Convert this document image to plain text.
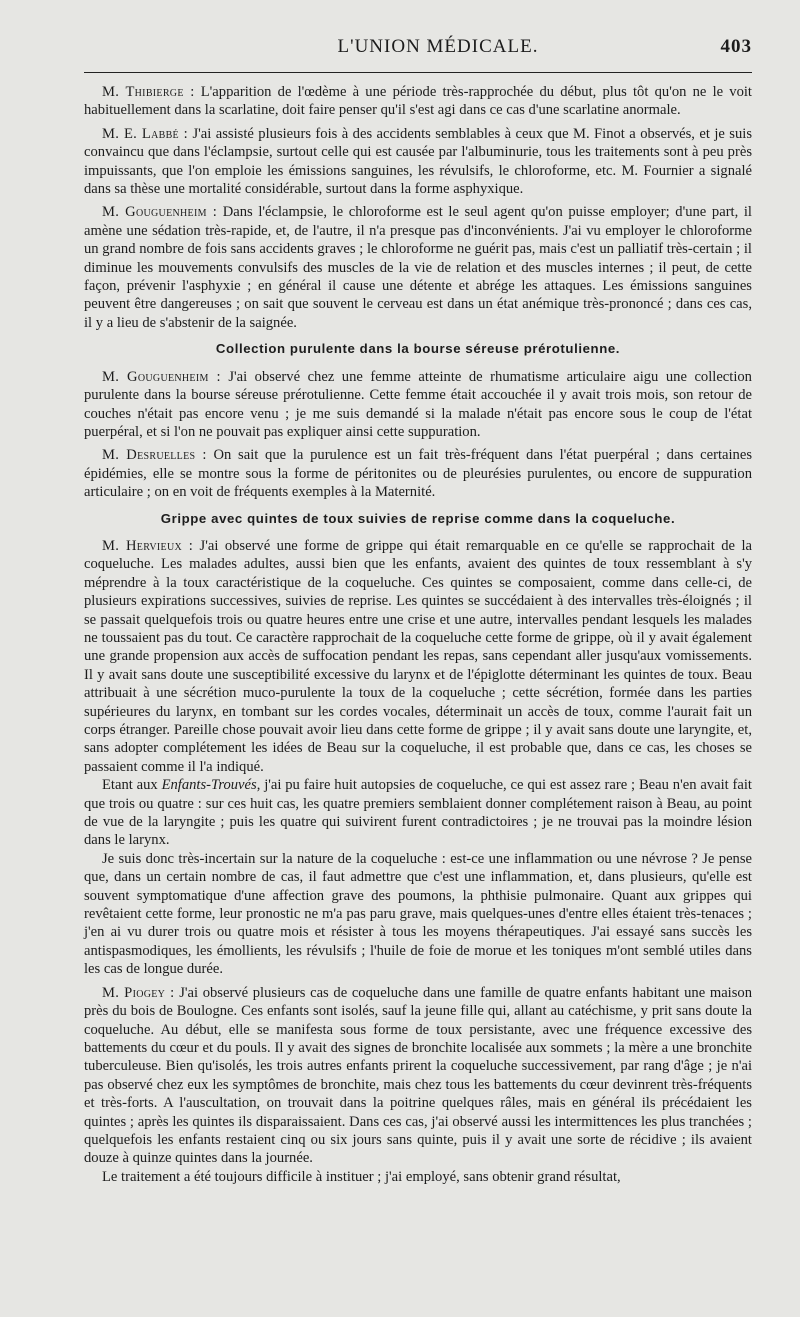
L'UNION MÉDICALE.	403

M. Thibierge : L'apparition de l'œdème à une période très-rapprochée du début, plus tôt qu'on ne le voit habituellement dans la scarlatine, doit faire penser qu'il s'est agi dans ce cas d'une scarlatine anormale.

M. E. Labbé : J'ai assisté plusieurs fois à des accidents semblables à ceux que M. Finot a observés, et je suis convaincu que dans l'éclampsie, surtout celle qui est causée par l'albuminurie, tous les traitements sont à peu près impuissants, que l'on emploie les émissions sanguines, les révulsifs, le chloroforme, etc. M. Fournier a signalé dans sa thèse une mortalité considérable, surtout dans la forme asphyxique.

M. Gouguenheim : Dans l'éclampsie, le chloroforme est le seul agent qu'on puisse employer; d'une part, il amène une sédation très-rapide, et, de l'autre, il n'a presque pas d'inconvénients. J'ai vu employer le chloroforme un grand nombre de fois sans accidents graves ; le chloroforme ne guérit pas, mais c'est un palliatif très-certain ; il diminue les mouvements convulsifs des muscles de la vie de relation et des muscles internes ; il peut, de cette façon, prévenir l'asphyxie ; en général il cause une détente et abrége les attaques. Les émissions sanguines peuvent être dangereuses ; on sait que souvent le cerveau est dans un état anémique très-prononcé ; dans ces cas, il y a lieu de s'abstenir de la saignée.

Collection purulente dans la bourse séreuse prérotulienne.

M. Gouguenheim : J'ai observé chez une femme atteinte de rhumatisme articulaire aigu une collection purulente dans la bourse séreuse prérotulienne. Cette femme était accouchée il y avait trois mois, son retour de couches n'était pas encore venu ; je me suis demandé si la malade n'était pas encore sous le coup de l'état puerpéral, et si l'on ne pouvait pas expliquer ainsi cette suppuration.

M. Desruelles : On sait que la purulence est un fait très-fréquent dans l'état puerpéral ; dans certaines épidémies, elle se montre sous la forme de péritonites ou de pleurésies purulentes, ou encore de suppuration articulaire ; on en voit de fréquents exemples à la Maternité.

Grippe avec quintes de toux suivies de reprise comme dans la coqueluche.

M. Hervieux : J'ai observé une forme de grippe qui était remarquable en ce qu'elle se rapprochait de la coqueluche. Les malades adultes, aussi bien que les enfants, avaient des quintes de toux ressemblant à s'y méprendre à la toux caractéristique de la coqueluche. Ces quintes se composaient, comme dans celle-ci, de plusieurs expirations successives, suivies de reprise. Les quintes se succédaient à des intervalles très-éloignés ; il se passait quelquefois trois ou quatre heures entre une crise et une autre, intervalles pendant lesquels les malades ne toussaient pas du tout. Ce caractère rapprochait de la coqueluche cette forme de grippe, où il y avait également une grande propension aux accès de suffocation pendant les repas, sans cependant aller jusqu'aux vomissements. Il y avait sans doute une susceptibilité excessive du larynx et de l'épiglotte déterminant les quintes de toux. Beau attribuait à une sécrétion muco-purulente la toux de la coqueluche ; cette sécrétion, formée dans les parties supérieures du larynx, en tombant sur les cordes vocales, déterminait un accès de toux, comme l'aurait fait un corps étranger. Pareille chose pouvait avoir lieu dans cette forme de grippe ; il y avait sans doute une laryngite, et, sans adopter complétement les idées de Beau sur la coqueluche, il est probable que, dans ce cas, les choses se passaient comme il l'a indiqué.

Etant aux Enfants-Trouvés, j'ai pu faire huit autopsies de coqueluche, ce qui est assez rare ; Beau n'en avait fait que trois ou quatre : sur ces huit cas, les quatre premiers semblaient donner complétement raison à Beau, au point de vue de la laryngite ; puis les quatre qui suivirent furent contradictoires ; je ne trouvai pas la moindre lésion dans le larynx.

Je suis donc très-incertain sur la nature de la coqueluche : est-ce une inflammation ou une névrose ? Je pense que, dans un certain nombre de cas, il faut admettre que c'est une inflammation, et, dans plusieurs, qu'elle est souvent symptomatique d'une affection grave des poumons, la phthisie pulmonaire. Quant aux grippes qui revêtaient cette forme, leur pronostic ne m'a pas paru grave, mais quelques-unes d'entre elles étaient très-tenaces ; j'en ai vu durer trois ou quatre mois et résister à tous les moyens thérapeutiques. J'ai essayé sans succès les antispasmodiques, les émollients, les révulsifs ; l'huile de foie de morue et les toniques m'ont semblé utiles dans les cas de longue durée.

M. Piogey : J'ai observé plusieurs cas de coqueluche dans une famille de quatre enfants habitant une maison près du bois de Boulogne. Ces enfants sont isolés, sauf la jeune fille qui, allant au catéchisme, y prit sans doute la coqueluche. Au début, elle se manifesta sous forme de toux persistante, avec une fréquence excessive des battements du cœur et du pouls. Il y avait des signes de bronchite localisée aux sommets ; la mère a une bronchite tuberculeuse. Bien qu'isolés, les trois autres enfants prirent la coqueluche successivement, par rang d'âge ; je n'ai pas observé chez eux les symptômes de bronchite, mais chez tous les battements du cœur devinrent très-fréquents et très-forts. A l'auscultation, on trouvait dans la poitrine quelques râles, mais en général ils précédaient les quintes ; après les quintes ils disparaissaient. Dans ces cas, j'ai observé aussi les intermittences les plus tranchées ; quelquefois les enfants restaient cinq ou six jours sans quinte, puis il y avait une sorte de récidive ; ils avaient douze à quinze quintes dans la journée.

Le traitement a été toujours difficile à instituer ; j'ai employé, sans obtenir grand résultat,
